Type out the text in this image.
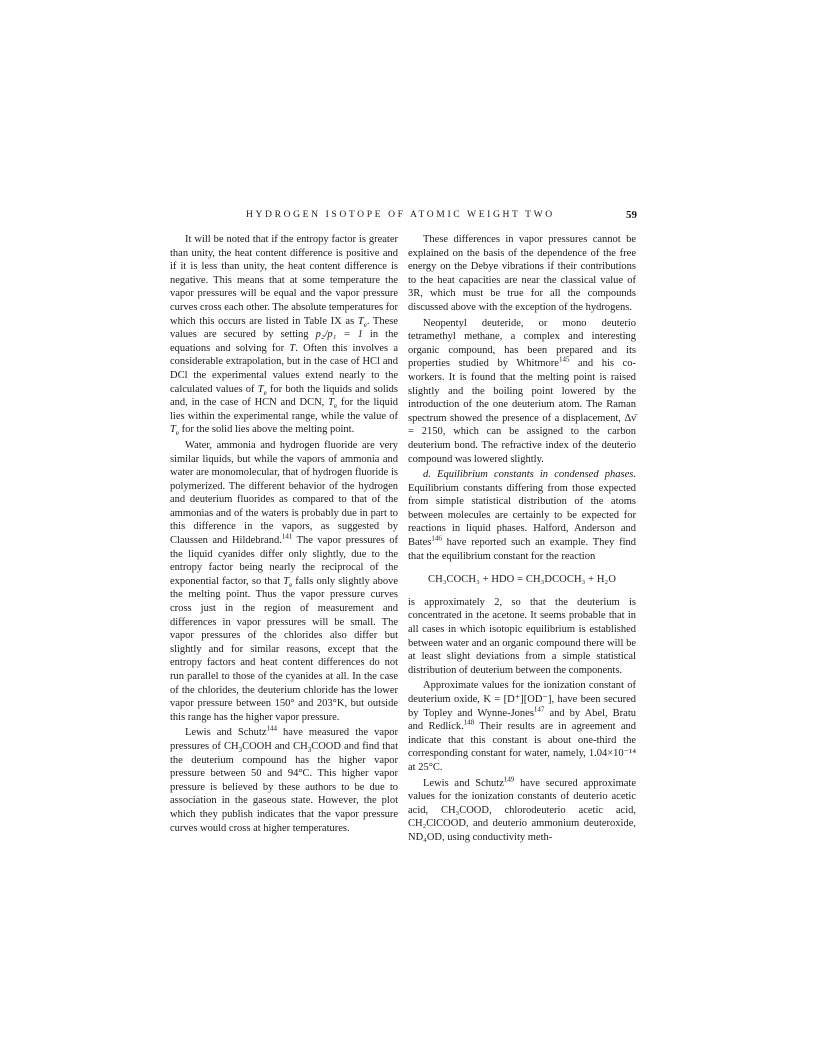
HYDROGEN ISOTOPE OF ATOMIC WEIGHT TWO	59

It will be noted that if the entropy factor is greater than unity, the heat content difference is positive and if it is less than unity, the heat content difference is negative. This means that at some temperature the vapor pressures will be equal and the vapor pressure curves cross each other. The absolute temperatures for which this occurs are listed in Table IX as $T_e$. These values are secured by setting p₂/p₁ = 1 in the equations and solving for T. Often this involves a considerable extrapolation, but in the case of HCl and DCl the experimental values extend nearly to the calculated values of $T_e$ for both the liquids and solids and, in the case of HCN and DCN, $T_e$ for the liquid lies within the experimental range, while the value of $T_e$ for the solid lies above the melting point.

Water, ammonia and hydrogen fluoride are very similar liquids, but while the vapors of ammonia and water are monomolecular, that of hydrogen fluoride is polymerized. The different behavior of the hydrogen and deuterium fluorides as compared to that of the ammonias and of the waters is probably due in part to this difference in the vapors, as suggested by Claussen and Hildebrand.$^{141}$ The vapor pressures of the liquid cyanides differ only slightly, due to the entropy factor being nearly the reciprocal of the exponential factor, so that $T_e$ falls only slightly above the melting point. Thus the vapor pressure curves cross just in the region of measurement and differences in vapor pressures will be small. The vapor pressures of the chlorides also differ but slightly and for similar reasons, except that the entropy factors and heat content differences do not run parallel to those of the cyanides at all. In the case of the chlorides, the deuterium chloride has the lower vapor pressure between 150° and 203°K, but outside this range has the higher vapor pressure.

Lewis and Schutz$^{144}$ have measured the vapor pressures of $CH_3COOH$ and $CH_3COOD$ and find that the deuterium compound has the higher vapor pressure between 50 and 94°C. This higher vapor pressure is believed by these authors to be due to association in the gaseous state. However, the plot which they publish indicates that the vapor pressure curves would cross at higher temperatures.

These differences in vapor pressures cannot be explained on the basis of the dependence of the free energy on the Debye vibrations if their contributions to the heat capacities are near the classical value of 3R, which must be true for all the compounds discussed above with the exception of the hydrogens.

Neopentyl deuteride, or mono deuterio tetramethyl methane, a complex and interesting organic compound, has been prepared and its properties studied by Whitmore$^{145}$ and his co-workers. It is found that the melting point is raised slightly and the boiling point lowered by the introduction of the one deuterium atom. The Raman spectrum showed the presence of a displacement, Δν̄ = 2150, which can be assigned to the carbon deuterium bond. The refractive index of the deuterio compound was lowered slightly.

d. Equilibrium constants in condensed phases. Equilibrium constants differing from those expected from simple statistical distribution of the atoms between molecules are certainly to be expected for reactions in liquid phases. Halford, Anderson and Bates$^{146}$ have reported such an example. They find that the equilibrium constant for the reaction

CH₃COCH₃ + HDO = CH₃DCOCH₃ + H₂O

is approximately 2, so that the deuterium is concentrated in the acetone. It seems probable that in all cases in which isotopic equilibrium is established between water and an organic compound there will be at least slight deviations from a simple statistical distribution of deuterium between the components.

Approximate values for the ionization constant of deuterium oxide, K = [D⁺][OD⁻], have been secured by Topley and Wynne-Jones$^{147}$ and by Abel, Bratu and Redlick.$^{148}$ Their results are in agreement and indicate that this constant is about one-third the corresponding constant for water, namely, 1.04×10⁻¹⁴ at 25°C.

Lewis and Schutz$^{149}$ have secured approximate values for the ionization constants of deuterio acetic acid, CH₃COOD, chlorodeuterio acetic acid, CH₂ClCOOD, and deuterio ammonium deuteroxide, ND₄OD, using conductivity meth-
